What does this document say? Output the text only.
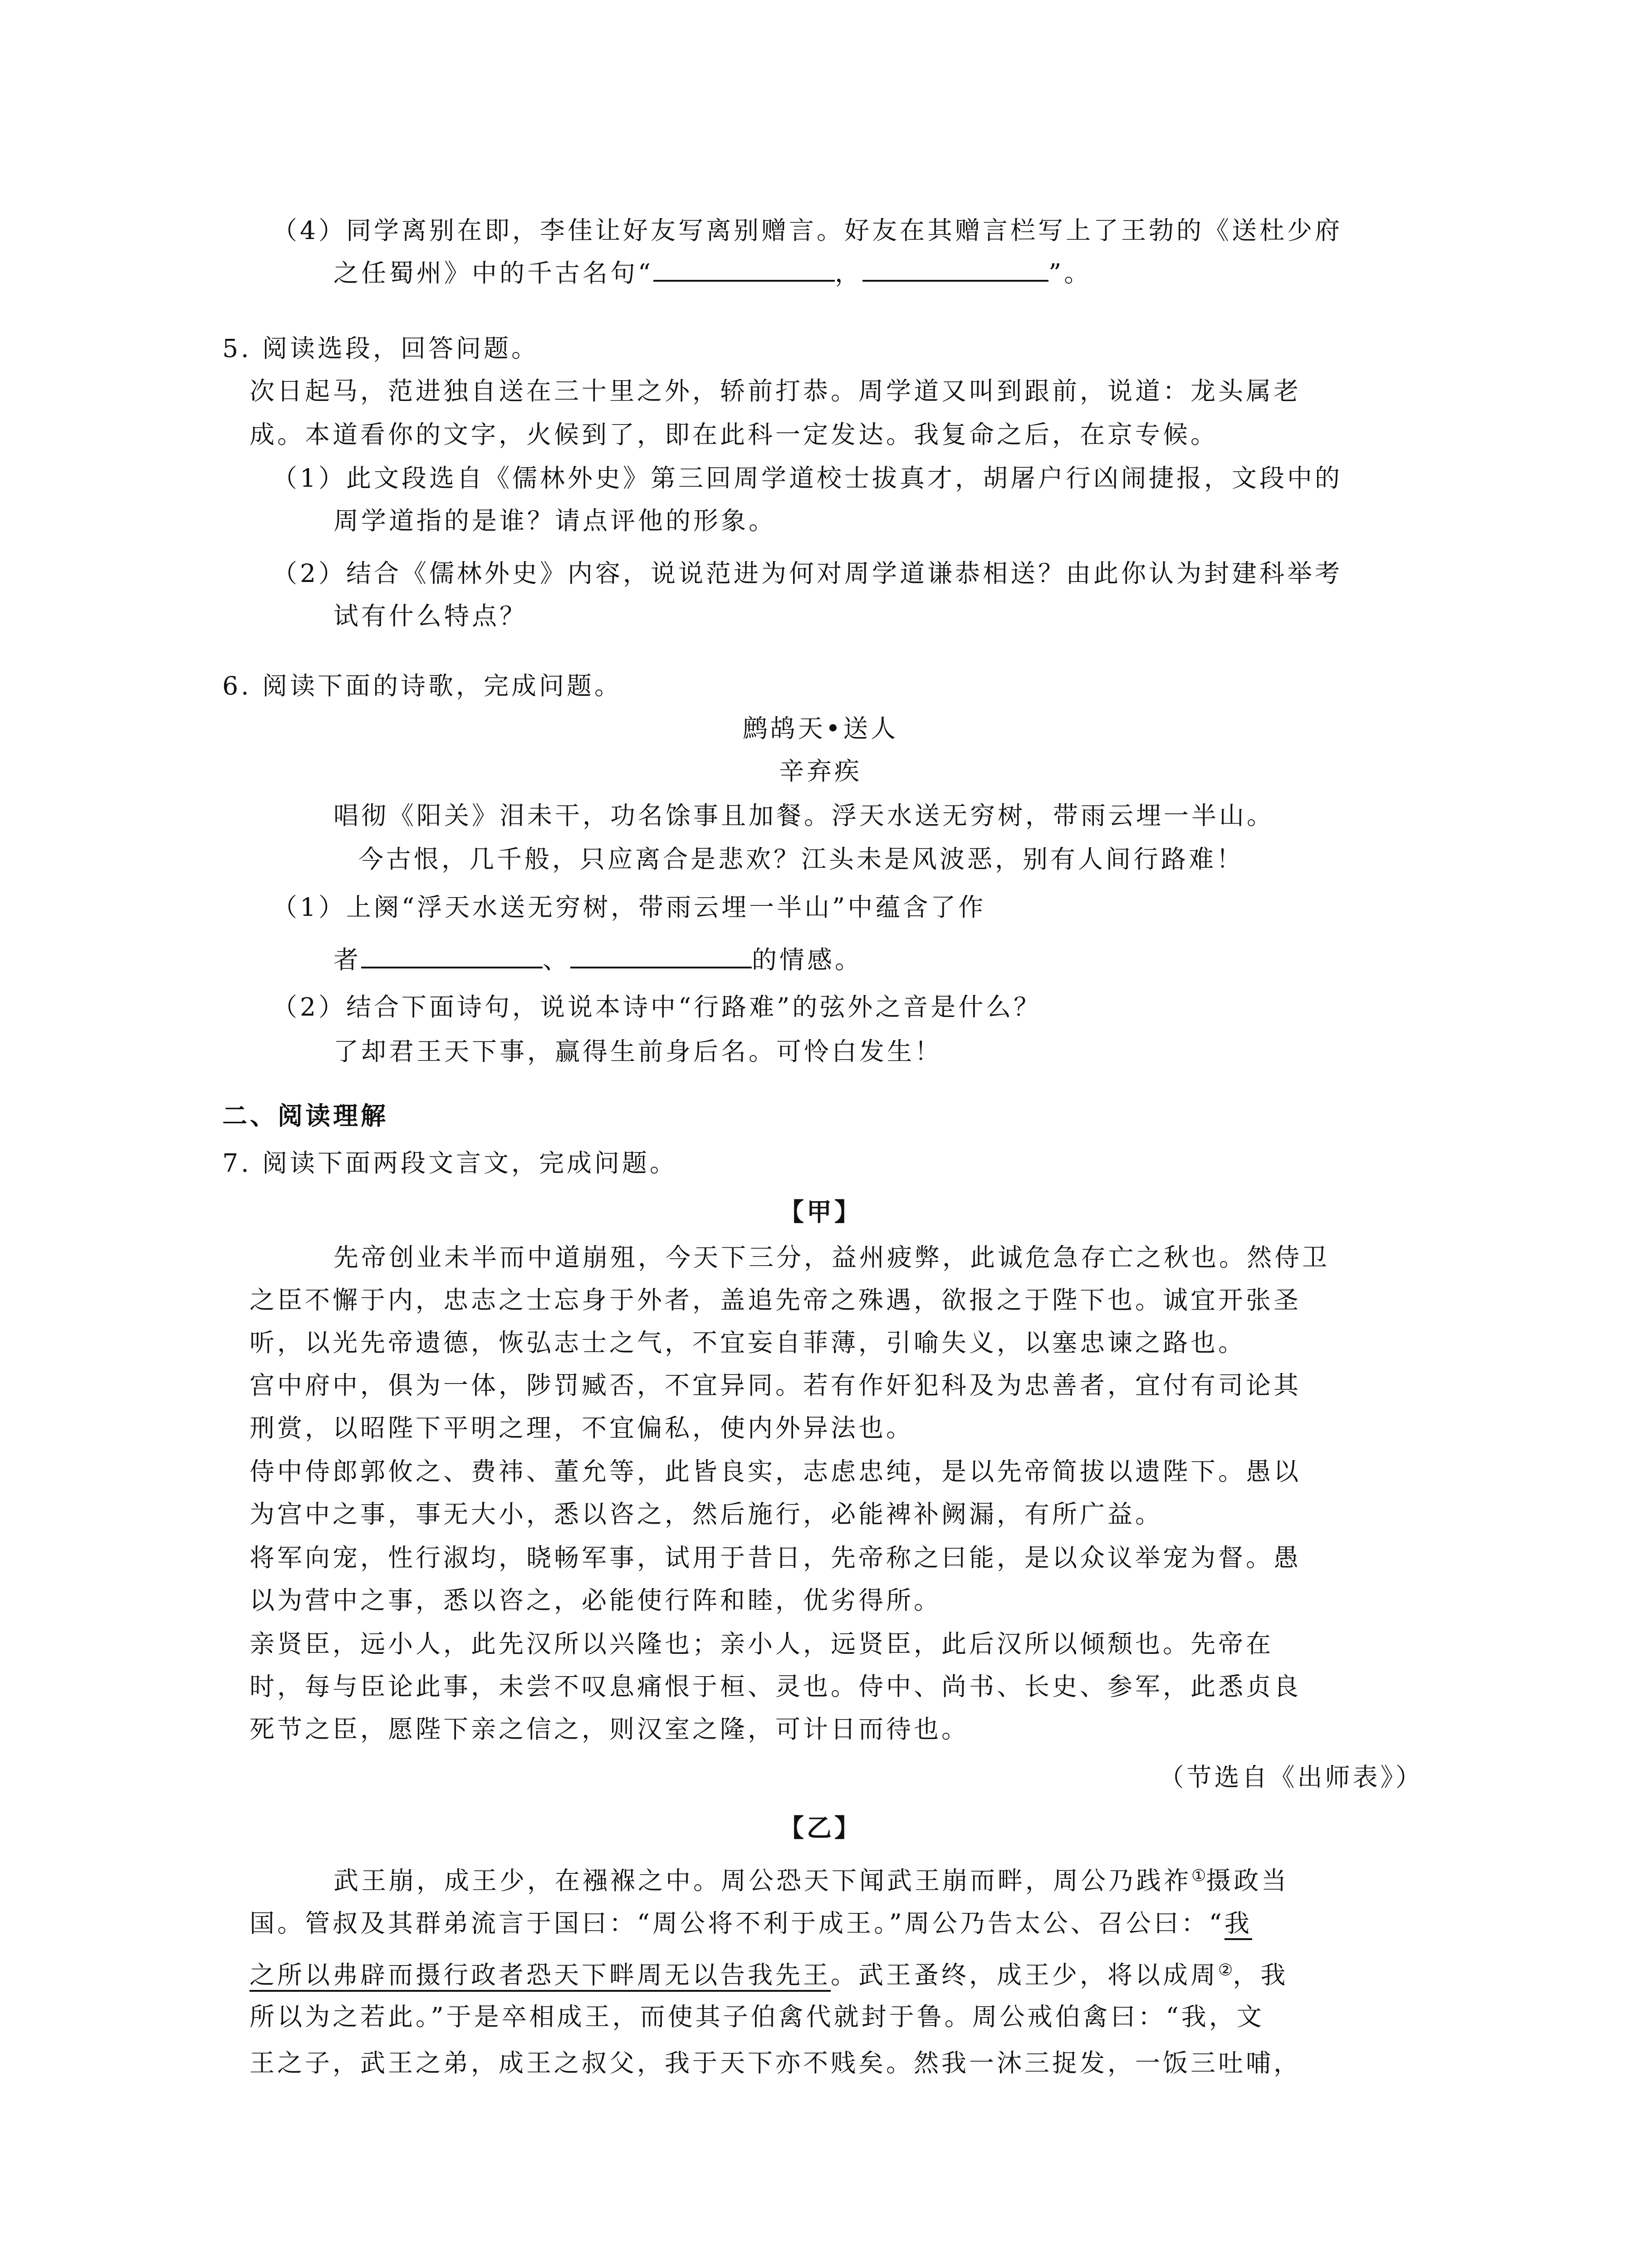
（4）同学离别在即，李佳让好友写离别赠言。好友在其赠言栏写上了王勃的《送杜少府
之任蜀州》中的千古名句“	，	”。
5. 阅读选段，回答问题。
次日起马，范进独自送在三十里之外，轿前打恭。周学道又叫到跟前，说道：龙头属老
成。本道看你的文字，火候到了，即在此科一定发达。我复命之后，在京专候。
（1）此文段选自《儒林外史》第三回周学道校士拔真才，胡屠户行凶闹捷报，文段中的
周学道指的是谁？请点评他的形象。
（2）结合《儒林外史》内容，说说范进为何对周学道谦恭相送？由此你认为封建科举考
试有什么特点？
6. 阅读下面的诗歌，完成问题。
鹧鸪天•送人
辛弃疾
唱彻《阳关》泪未干，功名馀事且加餐。浮天水送无穷树，带雨云埋一半山。
今古恨，几千般，只应离合是悲欢？江头未是风波恶，别有人间行路难！
（1）上阕“浮天水送无穷树，带雨云埋一半山”中蕴含了作
者	、	的情感。
（2）结合下面诗句，说说本诗中“行路难”的弦外之音是什么？
了却君王天下事，赢得生前身后名。可怜白发生！
二、阅读理解
7. 阅读下面两段文言文，完成问题。
【甲】
先帝创业未半而中道崩殂，今天下三分，益州疲弊，此诚危急存亡之秋也。然侍卫
之臣不懈于内，忠志之士忘身于外者，盖追先帝之殊遇，欲报之于陛下也。诚宜开张圣
听，以光先帝遗德，恢弘志士之气，不宜妄自菲薄，引喻失义，以塞忠谏之路也。
宫中府中，俱为一体，陟罚臧否，不宜异同。若有作奸犯科及为忠善者，宜付有司论其
刑赏，以昭陛下平明之理，不宜偏私，使内外异法也。
侍中侍郎郭攸之、费祎、董允等，此皆良实，志虑忠纯，是以先帝简拔以遗陛下。愚以
为宫中之事，事无大小，悉以咨之，然后施行，必能裨补阙漏，有所广益。
将军向宠，性行淑均，晓畅军事，试用于昔日，先帝称之曰能，是以众议举宠为督。愚
以为营中之事，悉以咨之，必能使行阵和睦，优劣得所。
亲贤臣，远小人，此先汉所以兴隆也；亲小人，远贤臣，此后汉所以倾颓也。先帝在
时，每与臣论此事，未尝不叹息痛恨于桓、灵也。侍中、尚书、长史、参军，此悉贞良
死节之臣，愿陛下亲之信之，则汉室之隆，可计日而待也。
（节选自《出师表》）
【乙】
武王崩，成王少，在襁褓之中。周公恐天下闻武王崩而畔，周公乃践祚①摄政当
国。管叔及其群弟流言于国曰：“周公将不利于成王。”周公乃告太公、召公曰：“我
之所以弗辟而摄行政者恐天下畔周无以告我先王。武王蚤终，成王少，将以成周②，我
所以为之若此。”于是卒相成王，而使其子伯禽代就封于鲁。周公戒伯禽曰：“我，文
王之子，武王之弟，成王之叔父，我于天下亦不贱矣。然我一沐三捉发，一饭三吐哺，
